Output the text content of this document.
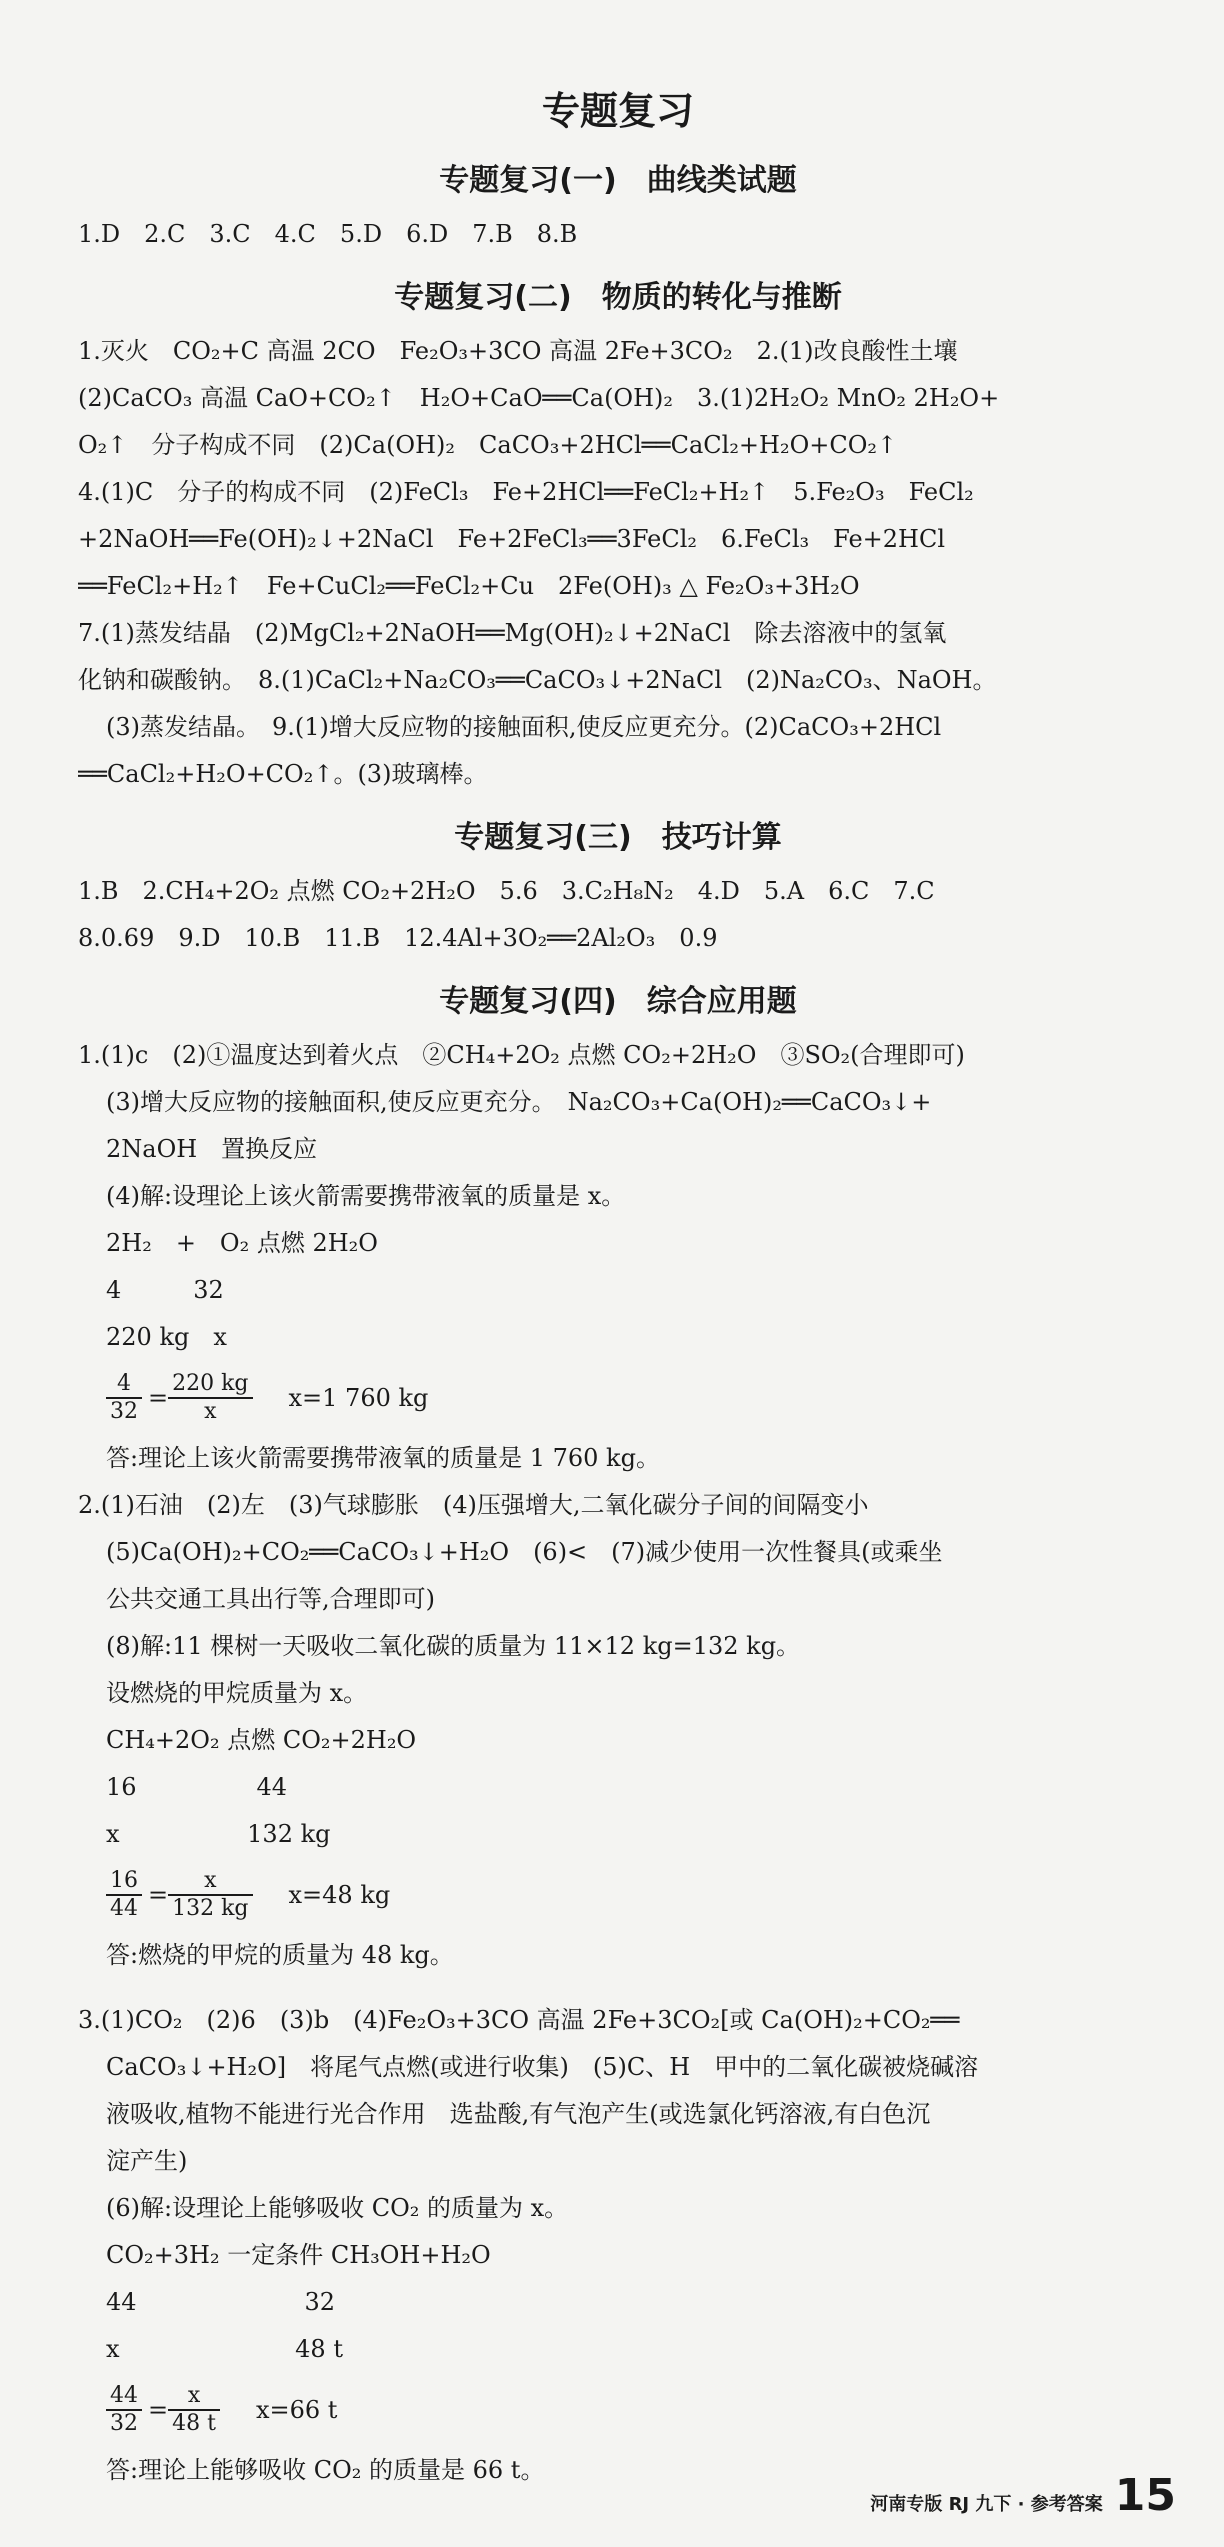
专题复习
专题复习(一)　曲线类试题
1.D　2.C　3.C　4.C　5.D　6.D　7.B　8.B
专题复习(二)　物质的转化与推断
1.灭火　CO₂+C 高温 2CO　Fe₂O₃+3CO 高温 2Fe+3CO₂　2.(1)改良酸性土壤
(2)CaCO₃ 高温 CaO+CO₂↑　H₂O+CaO══Ca(OH)₂　3.(1)2H₂O₂ MnO₂ 2H₂O+
O₂↑　分子构成不同　(2)Ca(OH)₂　CaCO₃+2HCl══CaCl₂+H₂O+CO₂↑
4.(1)C　分子的构成不同　(2)FeCl₃　Fe+2HCl══FeCl₂+H₂↑　5.Fe₂O₃　FeCl₂
+2NaOH══Fe(OH)₂↓+2NaCl　Fe+2FeCl₃══3FeCl₂　6.FeCl₃　Fe+2HCl
══FeCl₂+H₂↑　Fe+CuCl₂══FeCl₂+Cu　2Fe(OH)₃ △ Fe₂O₃+3H₂O
7.(1)蒸发结晶　(2)MgCl₂+2NaOH══Mg(OH)₂↓+2NaCl　除去溶液中的氢氧
化钠和碳酸钠。　8.(1)CaCl₂+Na₂CO₃══CaCO₃↓+2NaCl　(2)Na₂CO₃、NaOH。
(3)蒸发结晶。　9.(1)增大反应物的接触面积,使反应更充分。(2)CaCO₃+2HCl
══CaCl₂+H₂O+CO₂↑。(3)玻璃棒。
专题复习(三)　技巧计算
1.B　2.CH₄+2O₂ 点燃 CO₂+2H₂O　5.6　3.C₂H₈N₂　4.D　5.A　6.C　7.C
8.0.69　9.D　10.B　11.B　12.4Al+3O₂══2Al₂O₃　0.9
专题复习(四)　综合应用题
1.(1)c　(2)①温度达到着火点　②CH₄+2O₂ 点燃 CO₂+2H₂O　③SO₂(合理即可)
(3)增大反应物的接触面积,使反应更充分。　Na₂CO₃+Ca(OH)₂══CaCO₃↓+
2NaOH　置换反应
(4)解:设理论上该火箭需要携带液氧的质量是 x。
2H₂　+　O₂ 点燃 2H₂O
4　　　32
220 kg　x
$\frac{4}{32} = \frac{220 kg}{x} x=1$ 760 kg
答:理论上该火箭需要携带液氧的质量是 1 760 kg。
2.(1)石油　(2)左　(3)气球膨胀　(4)压强增大,二氧化碳分子间的间隔变小
(5)Ca(OH)₂+CO₂══CaCO₃↓+H₂O　(6)<　(7)减少使用一次性餐具(或乘坐
公共交通工具出行等,合理即可)
(8)解:11 棵树一天吸收二氧化碳的质量为 11×12 kg=132 kg。
设燃烧的甲烷质量为 x。
CH₄+2O₂ 点燃 CO₂+2H₂O
16　　　　　44
x　　　　　 132 kg
$\frac{16}{44} = \frac{x}{132 kg} x=48$ kg
答:燃烧的甲烷的质量为 48 kg。
3.(1)CO₂　(2)6　(3)b　(4)Fe₂O₃+3CO 高温 2Fe+3CO₂[或 Ca(OH)₂+CO₂══
CaCO₃↓+H₂O]　将尾气点燃(或进行收集)　(5)C、H　甲中的二氧化碳被烧碱溶
液吸收,植物不能进行光合作用　选盐酸,有气泡产生(或选氯化钙溶液,有白色沉
淀产生)
(6)解:设理论上能够吸收 CO₂ 的质量为 x。
CO₂+3H₂ 一定条件 CH₃OH+H₂O
44　　　　　　　32
x　　　　　　　 48 t
$\frac{44}{32} = \frac{x}{48 t} x=66$ t
答:理论上能够吸收 CO₂ 的质量是 66 t。
河南专版 RJ 九下 · 参考答案 15
